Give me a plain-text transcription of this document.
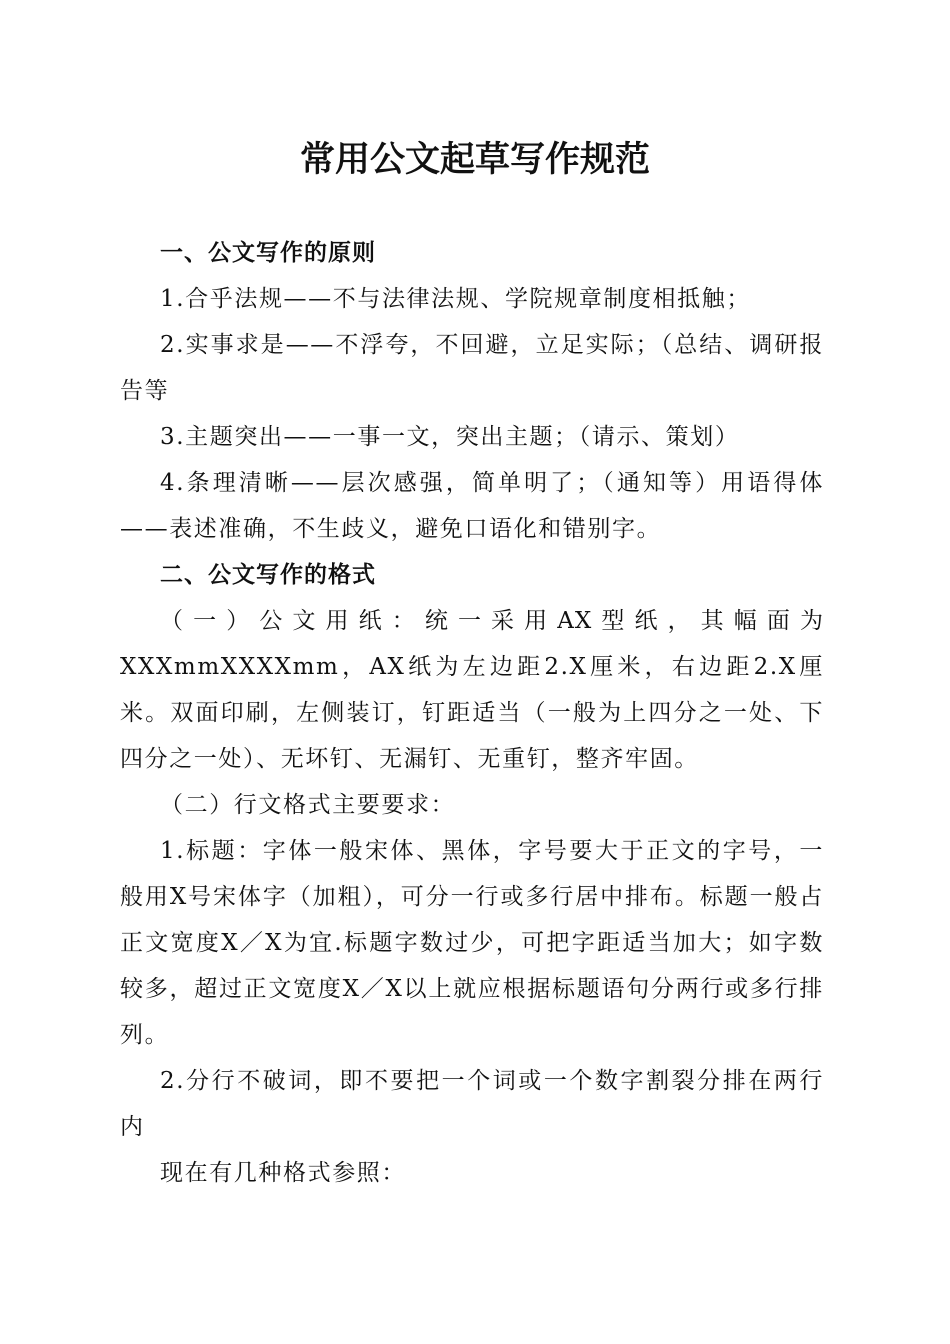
常用公文起草写作规范

一、公文写作的原则

1.合乎法规——不与法律法规、学院规章制度相抵触；

2.实事求是——不浮夸，不回避，立足实际；（总结、调研报告等

3.主题突出——一事一文，突出主题；（请示、策划）

4.条理清晰——层次感强，简单明了；（通知等）用语得体——表述准确，不生歧义，避免口语化和错别字。

二、公文写作的格式

（一）公文用纸：统一采用AX型纸，其幅面为

XXXmmXXXXmm，AX纸为左边距2.X厘米，右边距2.X厘米。双面印刷，左侧装订，钉距适当（一般为上四分之一处、下四分之一处）、无坏钉、无漏钉、无重钉，整齐牢固。

（二）行文格式主要要求：

1.标题：字体一般宋体、黑体，字号要大于正文的字号，一般用X号宋体字（加粗），可分一行或多行居中排布。标题一般占正文宽度X／X为宜.标题字数过少，可把字距适当加大；如字数较多，超过正文宽度X／X以上就应根据标题语句分两行或多行排列。

2.分行不破词，即不要把一个词或一个数字割裂分排在两行内

现在有几种格式参照：
